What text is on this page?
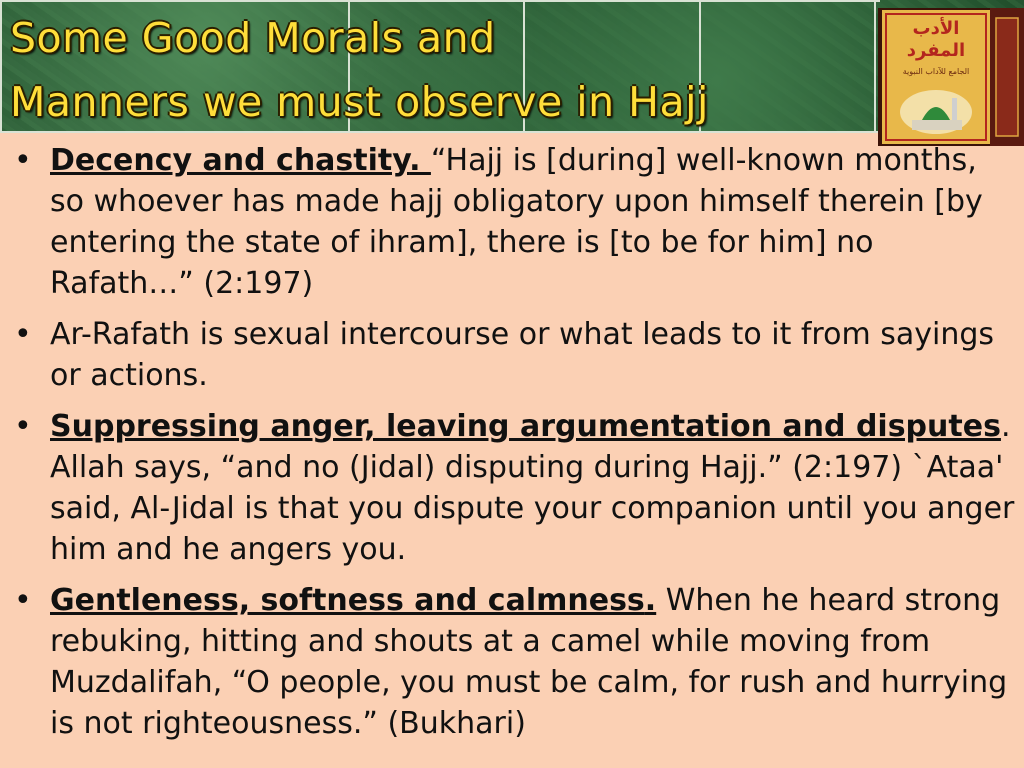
Some Good Morals and
Manners we must observe in Hajj
الأدب
المفرد
الجامع للآداب النبوية
• Decency and chastity. “Hajj is [during] well-known months, so whoever has made hajj obligatory upon himself therein [by entering the state of ihram], there is [to be for him] no Rafath…” (2:197)
• Ar-Rafath is sexual intercourse or what leads to it from sayings or actions.
• Suppressing anger, leaving argumentation and disputes. Allah says, “and no (Jidal) disputing during Hajj.” (2:197) `Ataa' said, Al-Jidal is that you dispute your companion until you anger him and he angers you.
• Gentleness, softness and calmness. When he heard strong rebuking, hitting and shouts at a camel while moving from Muzdalifah, “O people, you must be calm, for rush and hurrying is not righteousness.” (Bukhari)
